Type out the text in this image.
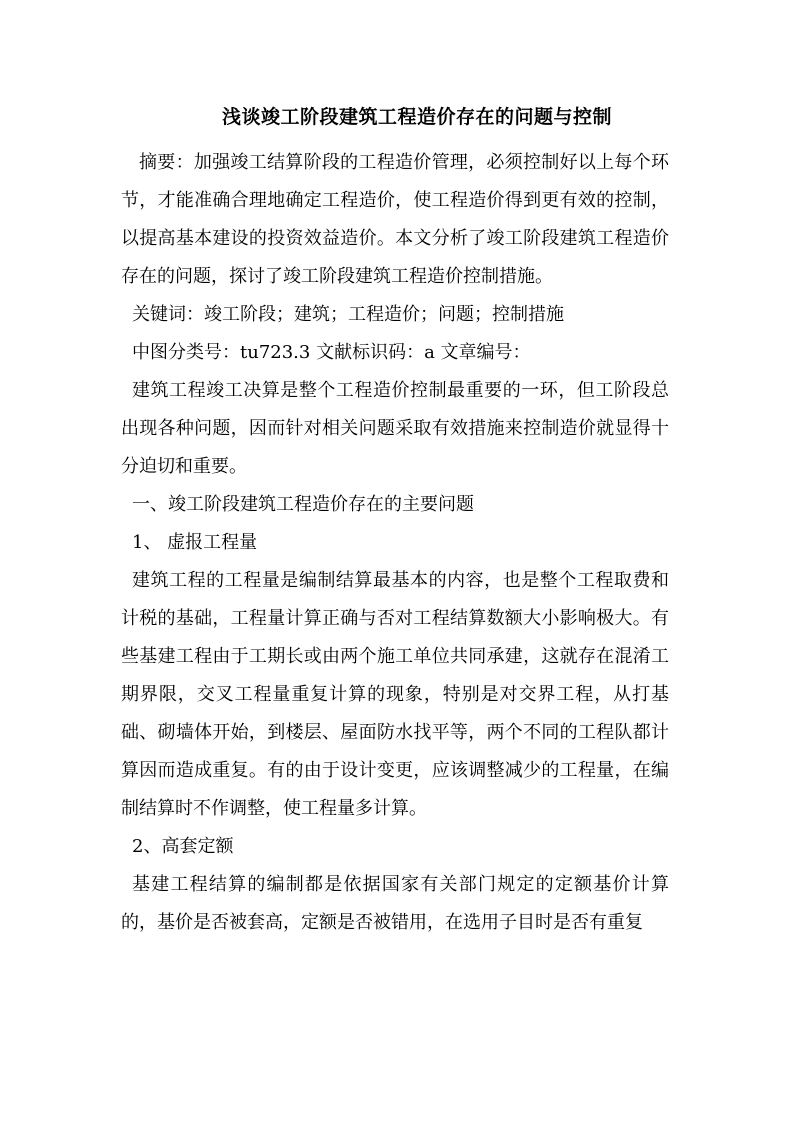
浅谈竣工阶段建筑工程造价存在的问题与控制

摘要：加强竣工结算阶段的工程造价管理，必须控制好以上每个环节，才能准确合理地确定工程造价，使工程造价得到更有效的控制，以提高基本建设的投资效益造价。本文分析了竣工阶段建筑工程造价存在的问题，探讨了竣工阶段建筑工程造价控制措施。

关键词：竣工阶段；建筑；工程造价；问题；控制措施

中图分类号：tu723.3 文献标识码：a 文章编号：

建筑工程竣工决算是整个工程造价控制最重要的一环，但工阶段总出现各种问题，因而针对相关问题采取有效措施来控制造价就显得十分迫切和重要。

一、竣工阶段建筑工程造价存在的主要问题

1、 虚报工程量

建筑工程的工程量是编制结算最基本的内容，也是整个工程取费和计税的基础，工程量计算正确与否对工程结算数额大小影响极大。有些基建工程由于工期长或由两个施工单位共同承建，这就存在混淆工期界限，交叉工程量重复计算的现象，特别是对交界工程，从打基础、砌墙体开始，到楼层、屋面防水找平等，两个不同的工程队都计算因而造成重复。有的由于设计变更，应该调整减少的工程量，在编制结算时不作调整，使工程量多计算。

2、高套定额

基建工程结算的编制都是依据国家有关部门规定的定额基价计算的，基价是否被套高，定额是否被错用，在选用子目时是否有重复
